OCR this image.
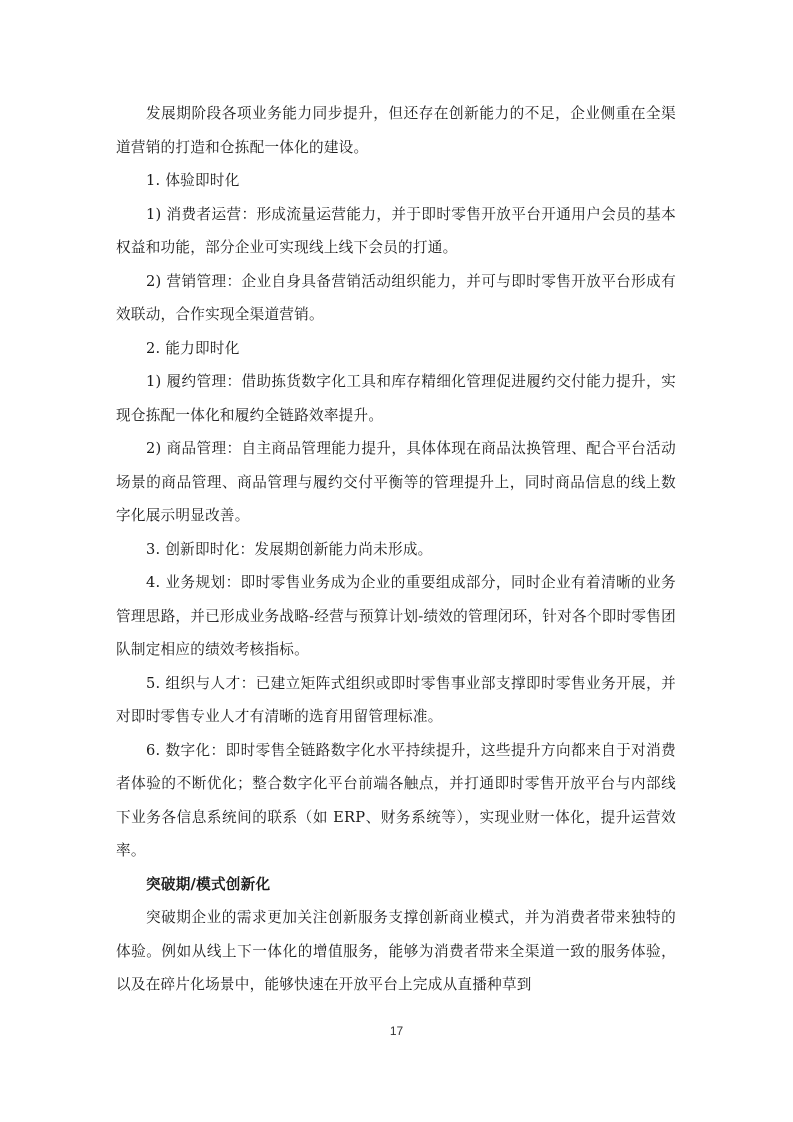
发展期阶段各项业务能力同步提升，但还存在创新能力的不足，企业侧重在全渠道营销的打造和仓拣配一体化的建设。

1. 体验即时化

1) 消费者运营：形成流量运营能力，并于即时零售开放平台开通用户会员的基本权益和功能，部分企业可实现线上线下会员的打通。

2) 营销管理：企业自身具备营销活动组织能力，并可与即时零售开放平台形成有效联动，合作实现全渠道营销。

2. 能力即时化

1) 履约管理：借助拣货数字化工具和库存精细化管理促进履约交付能力提升，实现仓拣配一体化和履约全链路效率提升。

2) 商品管理：自主商品管理能力提升，具体体现在商品汰换管理、配合平台活动场景的商品管理、商品管理与履约交付平衡等的管理提升上，同时商品信息的线上数字化展示明显改善。

3. 创新即时化：发展期创新能力尚未形成。

4. 业务规划：即时零售业务成为企业的重要组成部分，同时企业有着清晰的业务管理思路，并已形成业务战略-经营与预算计划-绩效的管理闭环，针对各个即时零售团队制定相应的绩效考核指标。

5. 组织与人才：已建立矩阵式组织或即时零售事业部支撑即时零售业务开展，并对即时零售专业人才有清晰的选育用留管理标准。

6. 数字化：即时零售全链路数字化水平持续提升，这些提升方向都来自于对消费者体验的不断优化；整合数字化平台前端各触点，并打通即时零售开放平台与内部线下业务各信息系统间的联系（如 ERP、财务系统等），实现业财一体化，提升运营效率。

突破期/模式创新化

突破期企业的需求更加关注创新服务支撑创新商业模式，并为消费者带来独特的体验。例如从线上下一体化的增值服务，能够为消费者带来全渠道一致的服务体验，以及在碎片化场景中，能够快速在开放平台上完成从直播种草到

17
